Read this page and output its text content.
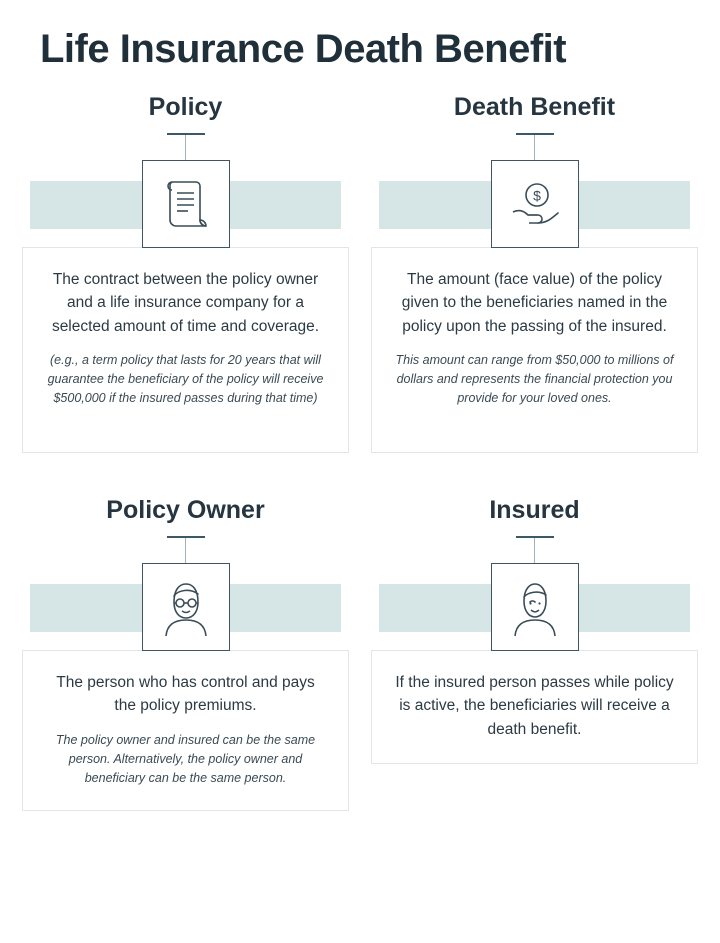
Life Insurance Death Benefit
Policy

The contract between the policy owner and a life insurance company for a selected amount of time and coverage.

(e.g., a term policy that lasts for 20 years that will guarantee the beneficiary of the policy will receive $500,000 if the insured passes during that time)

Death Benefit
$

The amount (face value) of the policy given to the beneficiaries named in the policy upon the passing of the insured.

This amount can range from $50,000 to millions of dollars and represents the financial protection you provide for your loved ones.

Policy Owner

The person who has control and pays the policy premiums.

The policy owner and insured can be the same person. Alternatively, the policy owner and beneficiary can be the same person.

Insured

If the insured person passes while policy is active, the beneficiaries will receive a death benefit.
